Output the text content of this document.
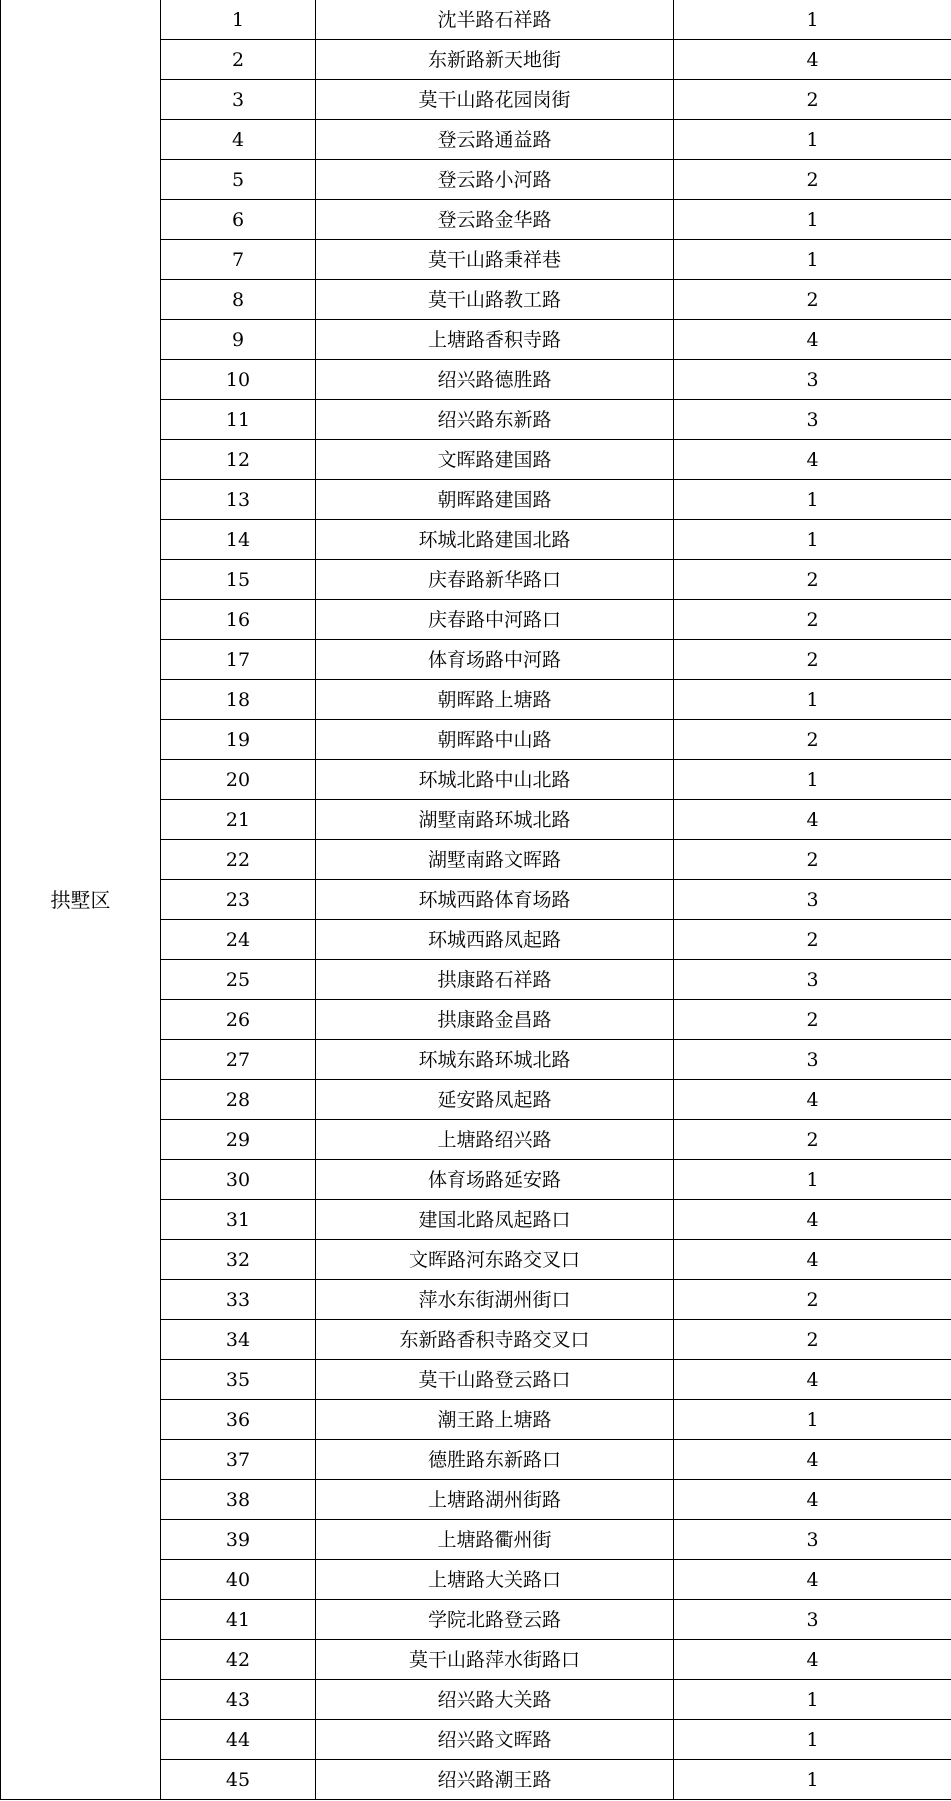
拱墅区	1	沈半路石祥路	1
	2	东新路新天地街	4
	3	莫干山路花园岗街	2
	4	登云路通益路	1
	5	登云路小河路	2
	6	登云路金华路	1
	7	莫干山路秉祥巷	1
	8	莫干山路教工路	2
	9	上塘路香积寺路	4
	10	绍兴路德胜路	3
	11	绍兴路东新路	3
	12	文晖路建国路	4
	13	朝晖路建国路	1
	14	环城北路建国北路	1
	15	庆春路新华路口	2
	16	庆春路中河路口	2
	17	体育场路中河路	2
	18	朝晖路上塘路	1
	19	朝晖路中山路	2
	20	环城北路中山北路	1
	21	湖墅南路环城北路	4
	22	湖墅南路文晖路	2
	23	环城西路体育场路	3
	24	环城西路凤起路	2
	25	拱康路石祥路	3
	26	拱康路金昌路	2
	27	环城东路环城北路	3
	28	延安路凤起路	4
	29	上塘路绍兴路	2
	30	体育场路延安路	1
	31	建国北路凤起路口	4
	32	文晖路河东路交叉口	4
	33	萍水东街湖州街口	2
	34	东新路香积寺路交叉口	2
	35	莫干山路登云路口	4
	36	潮王路上塘路	1
	37	德胜路东新路口	4
	38	上塘路湖州街路	4
	39	上塘路衢州街	3
	40	上塘路大关路口	4
	41	学院北路登云路	3
	42	莫干山路萍水街路口	4
	43	绍兴路大关路	1
	44	绍兴路文晖路	1
	45	绍兴路潮王路	1
